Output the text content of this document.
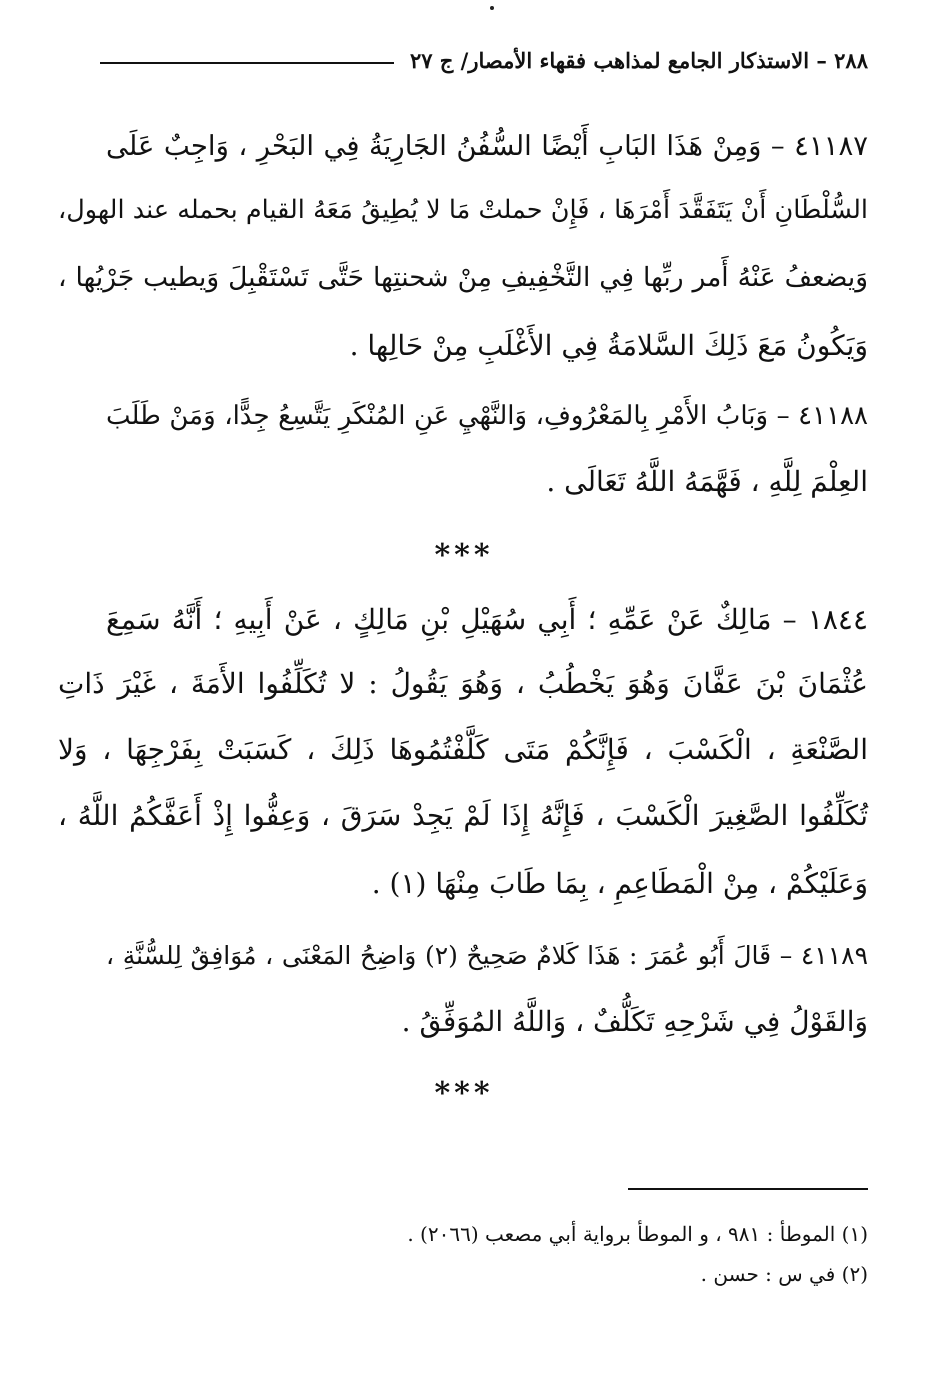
٢٨٨ – الاستذكار الجامع لمذاهب فقهاء الأمصار/ ج ٢٧
٤١١٨٧ – وَمِنْ هَذَا البَابِ أَيْضًا السُّفُنُ الجَارِيَةُ فِي البَحْرِ ، وَاجِبٌ عَلَى
السُّلْطَانِ أَنْ يَتَفَقَّدَ أَمْرَهَا ، فَإِنْ حملتْ مَا لا يُطِيقُ مَعَهُ القيام بحمله عند الهول،
وَيضعفُ عَنْهُ أَمر ربِّها فِي التَّخْفِيفِ مِنْ شحنتِها حَتَّى تَسْتَقْبِلَ وَيطيب جَرْيُها ،
وَيَكُونُ مَعَ ذَلِكَ السَّلامَةُ فِي الأَغْلَبِ مِنْ حَالِها .
٤١١٨٨ – وَبَابُ الأَمْرِ بِالمَعْرُوفِ، وَالنَّهْيِ عَنِ المُنْكَرِ يَتَّسِعُ جِدًّا، وَمَنْ طَلَبَ
العِلْمَ لِلَّهِ ، فَهَّمَهُ اللَّهُ تَعَالَى .
***
١٨٤٤ – مَالِكٌ عَنْ عَمِّهِ ؛ أَبِي سُهَيْلِ بْنِ مَالِكٍ ، عَنْ أَبِيهِ ؛ أَنَّهُ سَمِعَ
عُثْمَانَ بْنَ عَفَّانَ وَهُوَ يَخْطُبُ ، وَهُوَ يَقُولُ : لا تُكَلِّفُوا الأَمَةَ ، غَيْرَ ذَاتِ
الصَّنْعَةِ ، الْكَسْبَ ، فَإِنَّكُمْ مَتَى كَلَّفْتُمُوهَا ذَلِكَ ، كَسَبَتْ بِفَرْجِهَا ، وَلا
تُكَلِّفُوا الصَّغِيرَ الْكَسْبَ ، فَإِنَّهُ إِذَا لَمْ يَجِدْ سَرَقَ ، وَعِفُّوا إِذْ أَعَفَّكُمُ اللَّهُ ،
وَعَلَيْكُمْ ، مِنْ الْمَطَاعِمِ ، بِمَا طَابَ مِنْهَا (١) .
٤١١٨٩ – قَالَ أَبُو عُمَرَ : هَذَا كَلامٌ صَحِيحٌ (٢) وَاضِحُ المَعْنَى ، مُوَافِقٌ لِلسُّنَّةِ ،
وَالقَوْلُ فِي شَرْحِهِ تَكَلُّفٌ ، وَاللَّهُ المُوَفِّقُ .
***
(١) الموطأ : ٩٨١ ، و الموطأ برواية أبي مصعب (٢٠٦٦) .
(٢) في س : حسن .
